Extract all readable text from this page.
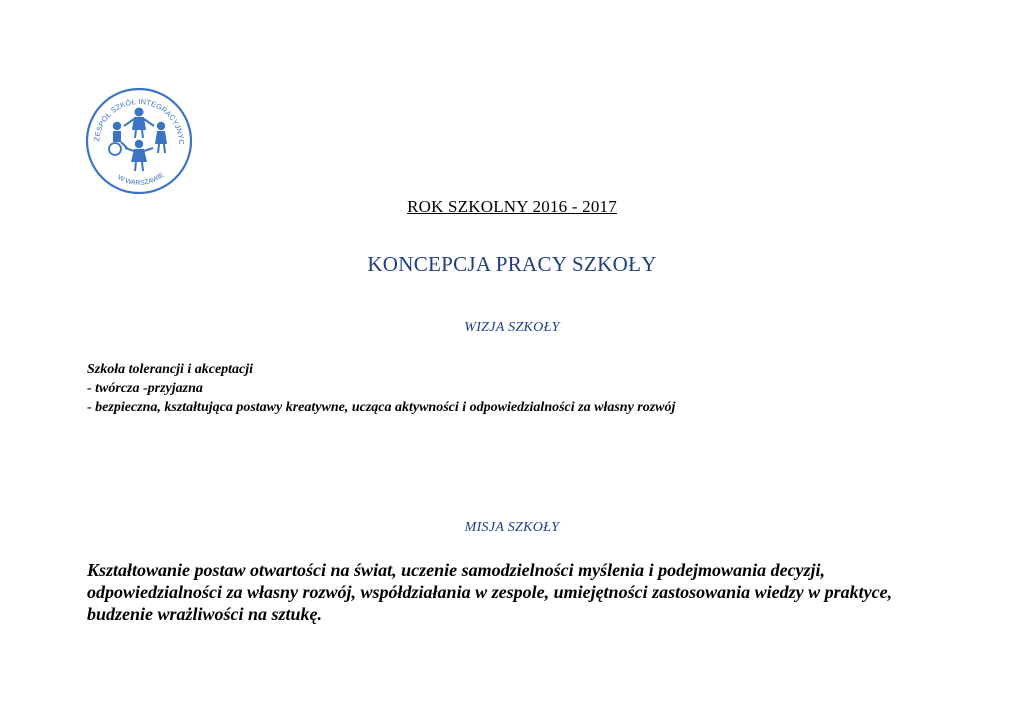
ZESPÓŁ SZKÓŁ INTEGRACYJNYC
W WARSZAWIE
ROK SZKOLNY 2016 - 2017
KONCEPCJA PRACY SZKOŁY
WIZJA SZKOŁY
Szkoła tolerancji i akceptacji
- twórcza -przyjazna
- bezpieczna, kształtująca postawy kreatywne, ucząca aktywności i odpowiedzialności za własny rozwój
MISJA SZKOŁY
Kształtowanie postaw otwartości na świat, uczenie samodzielności myślenia i podejmowania decyzji,
odpowiedzialności za własny rozwój, współdziałania w zespole, umiejętności zastosowania wiedzy w praktyce,
budzenie wrażliwości na sztukę.
